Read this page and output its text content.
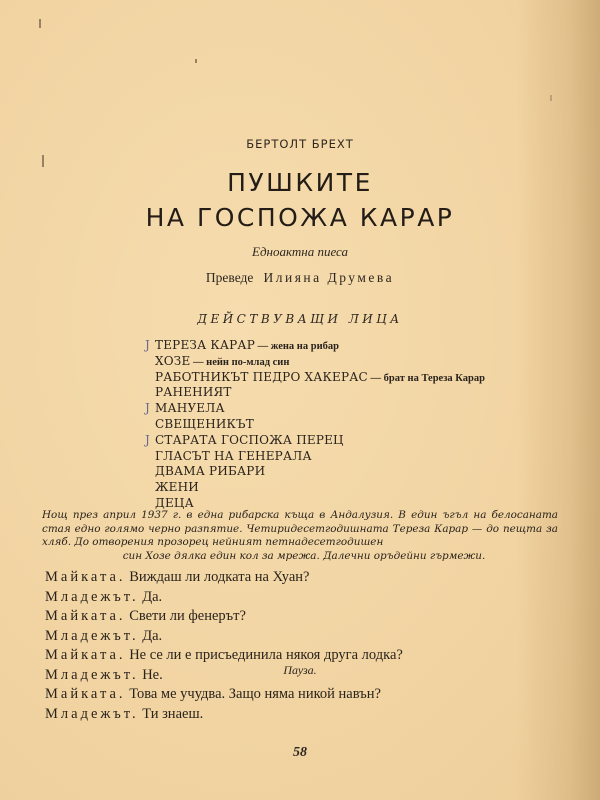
БЕРТОЛТ БРЕХТ
ПУШКИТЕ
НА ГОСПОЖА КАРАР
Едноактна пиеса
Преведе Илияна Друмева
ДЕЙСТВУВАЩИ ЛИЦА
J ТЕРЕЗА КАРАР — жена на рибар
ХОЗЕ — нейн по-млад син
РАБОТНИКЪТ ПЕДРО ХАКЕРАС — брат на Тереза Карар
РАНЕНИЯТ
J МАНУЕЛА
СВЕЩЕНИКЪТ
J СТАРАТА ГОСПОЖА ПЕРЕЦ
ГЛАСЪТ НА ГЕНЕРАЛА
ДВАМА РИБАРИ
ЖЕНИ
ДЕЦА
Нощ през април 1937 г. в една рибарска къща в Андалузия. В един ъгъл на белосаната стая едно голямо черно разпятие. Четиридесетгодишната Тереза Карар — до пещта за хляб. До отворения прозорец нейният петнадесетгодишен
син Хозе дялка един кол за мрежа. Далечни оръдейни гърмежи.
Майката. Виждаш ли лодката на Хуан?
Младежът. Да.
Майката. Свети ли фенерът?
Младежът. Да.
Майката. Не се ли е присъединила някоя друга лодка?
Младежът. Не.	Пауза.
Майката. Това ме учудва. Защо няма никой навън?
Младежът. Ти знаеш.
58
